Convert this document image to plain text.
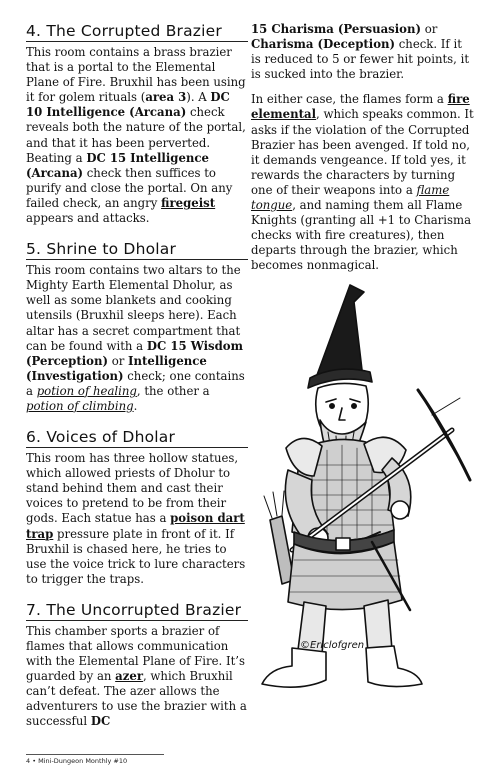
4. The Corrupted Brazier

This room contains a brass brazier that is a portal to the Elemental Plane of Fire. Bruxhil has been using it for golem rituals (area 3). A DC 10 Intelligence (Arcana) check reveals both the nature of the portal, and that it has been perverted. Beating a DC 15 Intelligence (Arcana) check then suffices to purify and close the portal. On any failed check, an angry firegeist appears and attacks.

5. Shrine to Dholar

This room contains two altars to the Mighty Earth Elemental Dholur, as well as some blankets and cooking utensils (Bruxhil sleeps here). Each altar has a secret compartment that can be found with a DC 15 Wisdom (Perception) or Intelligence (Investigation) check; one contains a potion of healing, the other a potion of climbing.

6. Voices of Dholar

This room has three hollow statues, which allowed priests of Dholur to stand behind them and cast their voices to pretend to be from their gods. Each statue has a poison dart trap pressure plate in front of it. If Bruxhil is chased here, he tries to use the voice trick to lure characters to trigger the traps.

7. The Uncorrupted Brazier

This chamber sports a brazier of flames that allows communication with the Elemental Plane of Fire. It’s guarded by an azer, which Bruxhil can’t defeat. The azer allows the adventurers to use the brazier with a successful DC

15 Charisma (Persuasion) or Charisma (Deception) check. If it is reduced to 5 or fewer hit points, it is sucked into the brazier.

In either case, the flames form a fire elemental, which speaks common. It asks if the violation of the Corrupted Brazier has been avenged. If told no, it demands vengeance. If told yes, it rewards the characters by turning one of their weapons into a flame tongue, and naming them all Flame Knights (granting all +1 to Charisma checks with fire creatures), then departs through the brazier, which becomes nonmagical.

©Ericlofgren
4 • Mini-Dungeon Monthly #10
